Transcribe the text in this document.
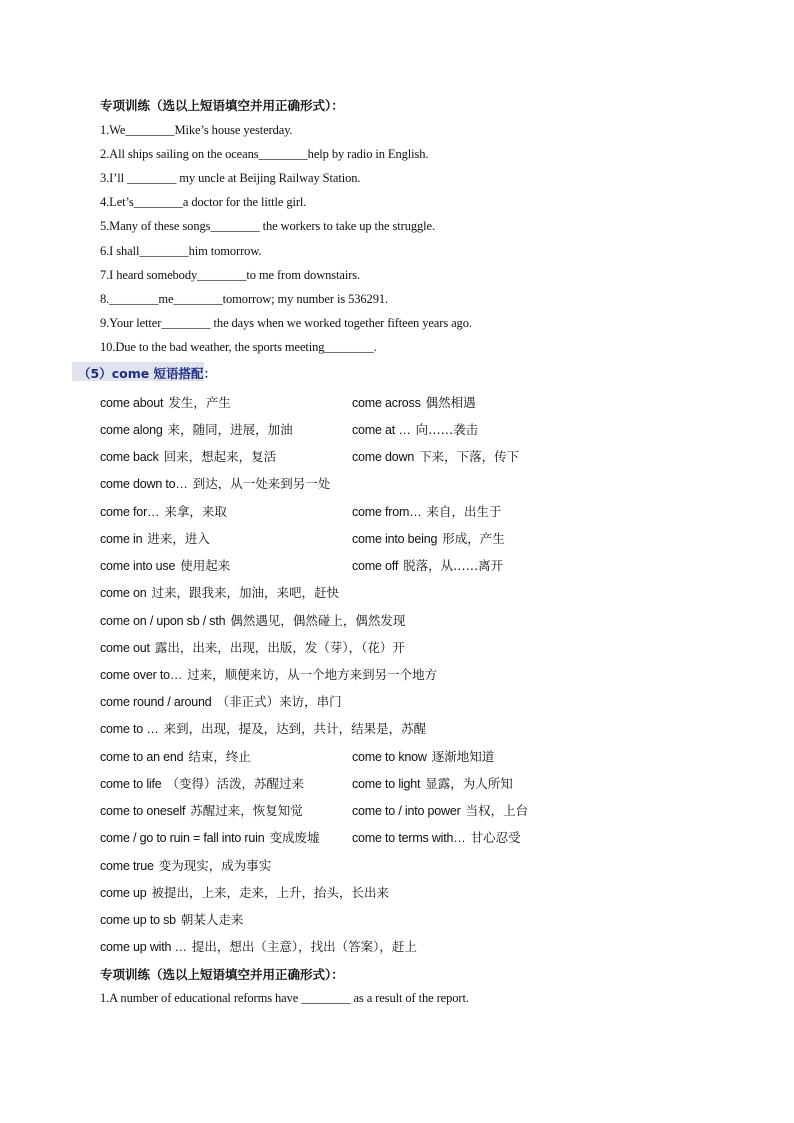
专项训练（选以上短语填空并用正确形式）：
1.We________Mike’s house yesterday.
2.All ships sailing on the oceans________help by radio in English.
3.I’ll ________ my uncle at Beijing Railway Station.
4.Let’s________a doctor for the little girl.
5.Many of these songs________ the workers to take up the struggle.
6.I shall________him tomorrow.
7.I heard somebody________to me from downstairs.
8.________me________tomorrow; my number is 536291.
9.Your letter________ the days when we worked together fifteen years ago.
10.Due to the bad weather, the sports meeting________.
（5）come 短语搭配：
come about 发生，产生	come across 偶然相遇
come along 来，随同，进展，加油	come at … 向……袭击
come back 回来，想起来，复活	come down 下来，下落，传下
come down to… 到达，从一处来到另一处
come for… 来拿，来取	come from… 来自，出生于
come in 进来，进入	come into being 形成，产生
come into use 使用起来	come off 脱落，从……离开
come on 过来，跟我来，加油，来吧，赶快
come on / upon sb / sth 偶然遇见，偶然碰上，偶然发现
come out 露出，出来，出现，出版，发（芽），（花）开
come over to… 过来，顺便来访，从一个地方来到另一个地方
come round / around （非正式）来访，串门
come to … 来到，出现，提及，达到，共计，结果是，苏醒
come to an end 结束，终止	come to know 逐渐地知道
come to life （变得）活泼，苏醒过来	come to light 显露，为人所知
come to oneself 苏醒过来，恢复知觉	come to / into power 当权，上台
come / go to ruin = fall into ruin 变成废墟	come to terms with… 甘心忍受
come true 变为现实，成为事实
come up 被提出，上来，走来，上升，抬头，长出来
come up to sb 朝某人走来
come up with … 提出，想出（主意），找出（答案），赶上
专项训练（选以上短语填空并用正确形式）：
1.A number of educational reforms have ________ as a result of the report.
